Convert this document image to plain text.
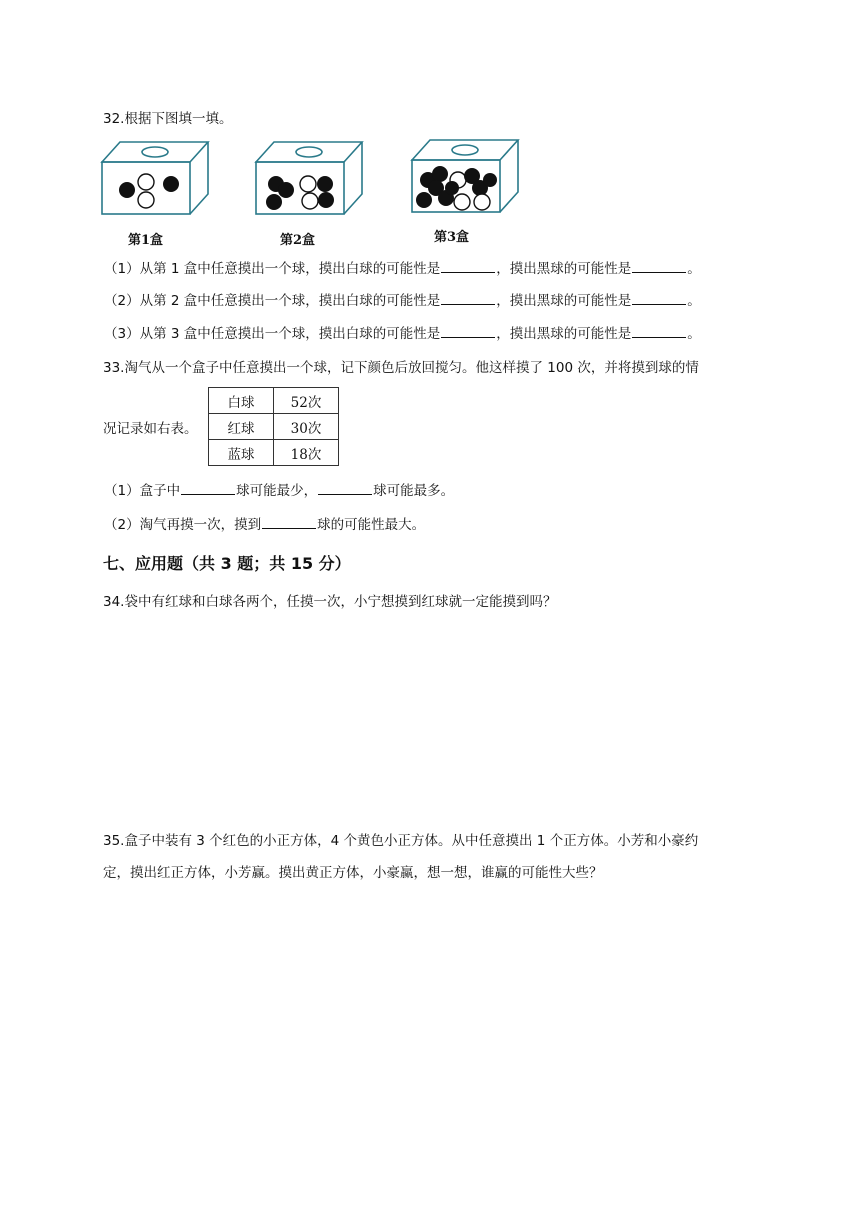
32.根据下图填一填。
第1盒	第2盒	第3盒
（1）从第 1 盒中任意摸出一个球，摸出白球的可能性是	，摸出黑球的可能性是	。
（2）从第 2 盒中任意摸出一个球，摸出白球的可能性是	，摸出黑球的可能性是	。
（3）从第 3 盒中任意摸出一个球，摸出白球的可能性是	，摸出黑球的可能性是	。
33.淘气从一个盒子中任意摸出一个球，记下颜色后放回搅匀。他这样摸了 100 次，并将摸到球的情
况记录如右表。
白球	52次
红球	30次
蓝球	18次
（1）盒子中	球可能最少，	球可能最多。
（2）淘气再摸一次，摸到	球的可能性最大。
七、应用题（共 3 题；共 15 分）
34.袋中有红球和白球各两个，任摸一次，小宁想摸到红球就一定能摸到吗？
35.盒子中装有 3 个红色的小正方体，4 个黄色小正方体。从中任意摸出 1 个正方体。小芳和小豪约
定，摸出红正方体，小芳赢。摸出黄正方体，小豪赢，想一想，谁赢的可能性大些？
